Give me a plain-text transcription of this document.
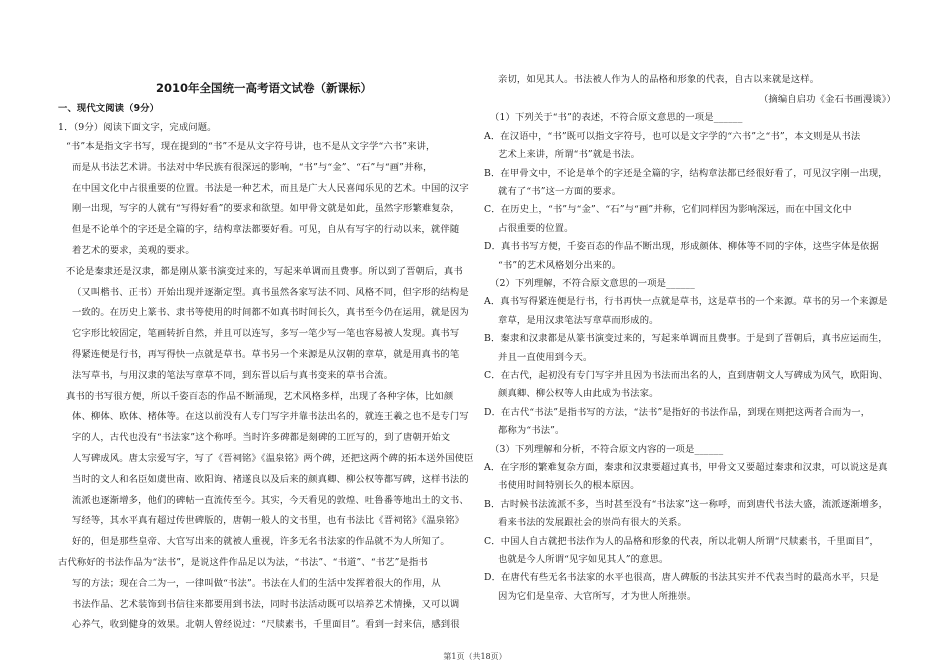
2010年全国统一高考语文试卷（新课标）
一、现代文阅读（9分）
1．（9分）阅读下面文字，完成问题。
“书”本是指文字书写，现在提到的“书”不是从文字符号讲，也不是从文字学“六书”来讲，
而是从书法艺术讲。书法对中华民族有很深远的影响，“书”与“金”、“石”与“画”并称，
在中国文化中占很重要的位置。书法是一种艺术，而且是广大人民喜闻乐见的艺术。中国的汉字
刚一出现，写字的人就有“写得好看”的要求和欲望。如甲骨文就是如此，虽然字形繁难复杂，
但是不论单个的字还是全篇的字，结构章法都要好看。可见，自从有写字的行动以来，就伴随
着艺术的要求，美观的要求。
不论是秦隶还是汉隶，都是刚从篆书演变过来的，写起来单调而且费事。所以到了晋朝后，真书
（又叫楷书、正书）开始出现并逐渐定型。真书虽然各家写法不同、风格不同，但字形的结构是
一致的。在历史上篆书、隶书等使用的时间都不如真书时间长久，真书至今仍在运用，就是因为
它字形比较固定，笔画转折自然，并且可以连写，多写一笔少写一笔也容易被人发现。真书写
得紧连便是行书，再写得快一点就是草书。草书另一个来源是从汉朝的章草，就是用真书的笔
法写草书，与用汉隶的笔法写章草不同，到东晋以后与真书变来的草书合流。
真书的书写很方便，所以千姿百态的作品不断涌现，艺术风格多样，出现了各种字体，比如颜
体、柳体、欧体、楮体等。在这以前没有人专门写字并靠书法出名的，就连王羲之也不是专门写
字的人，古代也没有“书法家”这个称呼。当时许多碑都是刻碑的工匠写的，到了唐朝开始文
人写碑成风。唐太宗爱写字，写了《晋祠铭》《温泉铭》两个碑，还把这两个碑的拓本送外国使臣
当时的文人和名臣如虞世南、欧阳询、褚遂良以及后来的颜真卿、柳公权等都写碑，这样书法的
流派也逐渐增多，他们的碑帖一直流传至今。其实，今天看见的敦煌、吐鲁番等地出土的文书、
写经等，其水平真有超过传世碑版的，唐朝一般人的文书里，也有书法比《晋祠铭》《温泉铭》
好的，但是那些皇帝、大官写出来的就被人重视，许多无名书法家的作品就不为人所知了。
古代称好的书法作品为“法书”，是说这件作品足以为法，“书法”、“书道”、“书艺”是指书
写的方法；现在合二为一，一律叫做“书法”。书法在人们的生活中发挥着很大的作用，从
书法作品、艺术装饰到书信往来都要用到书法，同时书法活动既可以培养艺术情操，又可以调
心养气，收到健身的效果。北朝人曾经说过：“尺牍素书，千里面目”。看到一封来信，感到很
亲切，如见其人。书法被人作为人的品格和形象的代表，自古以来就是这样。
（摘编自启功《金石书画漫谈》）
（1）下列关于“书”的表述，不符合原文意思的一项是______
A．在汉语中，“书”既可以指文字符号，也可以是文字学的“六书”之“书”，本文则是从书法
艺术上来讲，所谓“书”就是书法。
B．在甲骨文中，不论是单个的字还是全篇的字，结构章法都已经很好看了，可见汉字刚一出现，
就有了“书”这一方面的要求。
C．在历史上，“书”与“金”、“石”与“画”并称，它们同样因为影响深远，而在中国文化中
占很重要的位置。
D．真书书写方便，千姿百态的作品不断出现，形成颜体、柳体等不同的字体，这些字体是依据
“书”的艺术风格划分出来的。
（2）下列理解，不符合原文意思的一项是______
A．真书写得紧连便是行书，行书再快一点就是草书，这是草书的一个来源。草书的另一个来源是
章草，是用汉隶笔法写章草而形成的。
B．秦隶和汉隶都是从篆书演变过来的，写起来单调而且费事。于是到了晋朝后，真书应运而生，
并且一直使用到今天。
C．在古代，起初没有专门写字并且因为书法而出名的人，直到唐朝文人写碑成为风气，欧阳询、
颜真卿、柳公权等人由此成为书法家。
D．在古代“书法”是指书写的方法，“法书”是指好的书法作品，到现在则把这两者合而为一，
都称为“书法”。
（3）下列理解和分析，不符合原文内容的一项是______
A．在字形的繁难复杂方面，秦隶和汉隶要超过真书，甲骨文又要超过秦隶和汉隶，可以说这是真
书使用时间特别长久的根本原因。
B．古时候书法流派不多，当时甚至没有“书法家”这一称呼，而到唐代书法大盛，流派逐渐增多，
看来书法的发展跟社会的崇尚有很大的关系。
C．中国人自古就把书法作为人的品格和形象的代表，所以北朝人所谓“尺牍素书，千里面目”，
也就是今人所谓“见字如见其人”的意思。
D．在唐代有些无名书法家的水平也很高，唐人碑版的书法其实并不代表当时的最高水平，只是
因为它们是皇帝、大官所写，才为世人所推崇。
第1页（共18页）
